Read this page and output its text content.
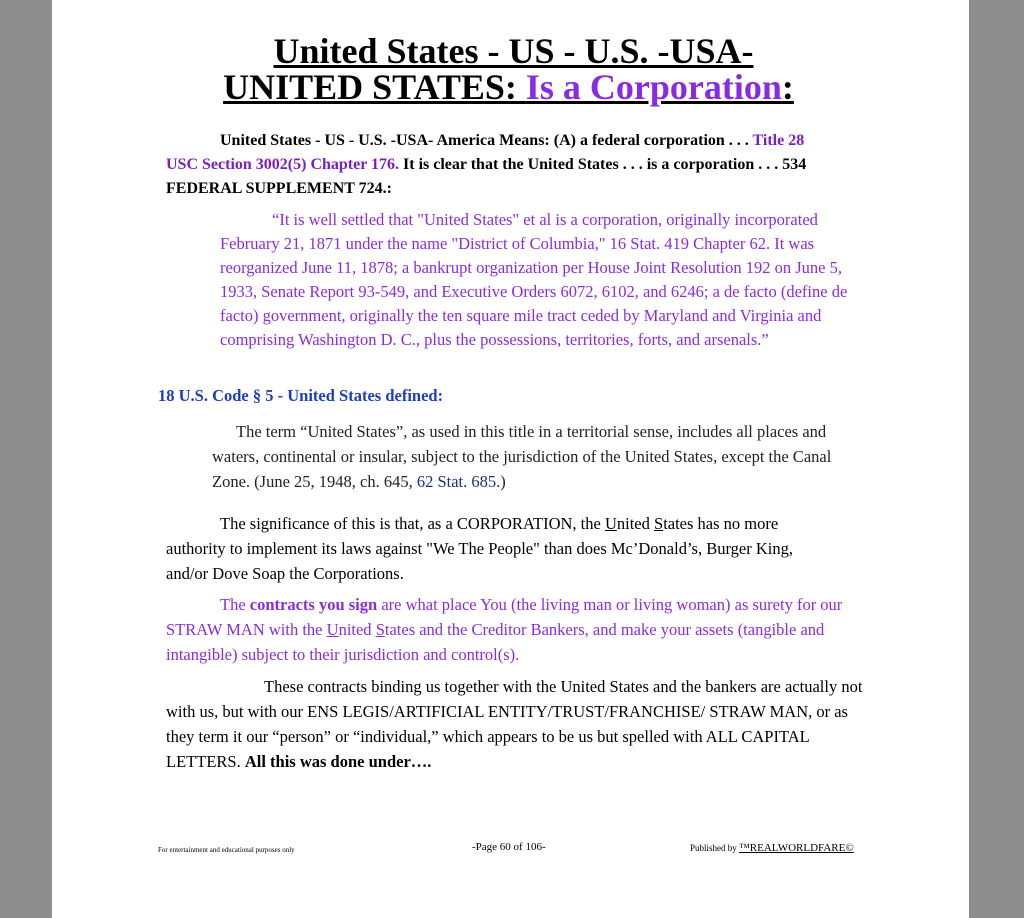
United States - US - U.S. -USA-
UNITED STATES: Is a Corporation:

United States - US - U.S. -USA- America Means: (A) a federal corporation . . . Title 28 USC Section 3002(5) Chapter 176. It is clear that the United States . . . is a corporation . . . 534 FEDERAL SUPPLEMENT 724.:

“It is well settled that "United States" et al is a corporation, originally incorporated February 21, 1871 under the name "District of Columbia," 16 Stat. 419 Chapter 62. It was reorganized June 11, 1878; a bankrupt organization per House Joint Resolution 192 on June 5, 1933, Senate Report 93-549, and Executive Orders 6072, 6102, and 6246; a de facto (define de facto) government, originally the ten square mile tract ceded by Maryland and Virginia and comprising Washington D. C., plus the possessions, territories, forts, and arsenals.”

18 U.S. Code § 5 - United States defined:

The term “United States”, as used in this title in a territorial sense, includes all places and waters, continental or insular, subject to the jurisdiction of the United States, except the Canal Zone. (June 25, 1948, ch. 645, 62 Stat. 685.)

The significance of this is that, as a CORPORATION, the United States has no more authority to implement its laws against "We The People" than does Mc’Donald’s, Burger King, and/or Dove Soap the Corporations.

The contracts you sign are what place You (the living man or living woman) as surety for our STRAW MAN with the United States and the Creditor Bankers, and make your assets (tangible and intangible) subject to their jurisdiction and control(s).

These contracts binding us together with the United States and the bankers are actually not with us, but with our ENS LEGIS/ARTIFICIAL ENTITY/TRUST/FRANCHISE/ STRAW MAN, or as they term it our “person” or “individual,” which appears to be us but spelled with ALL CAPITAL LETTERS. All this was done under….

For entertainment and educational purposes only	-Page 60 of 106-	Published by ™REALWORLDFARE©
